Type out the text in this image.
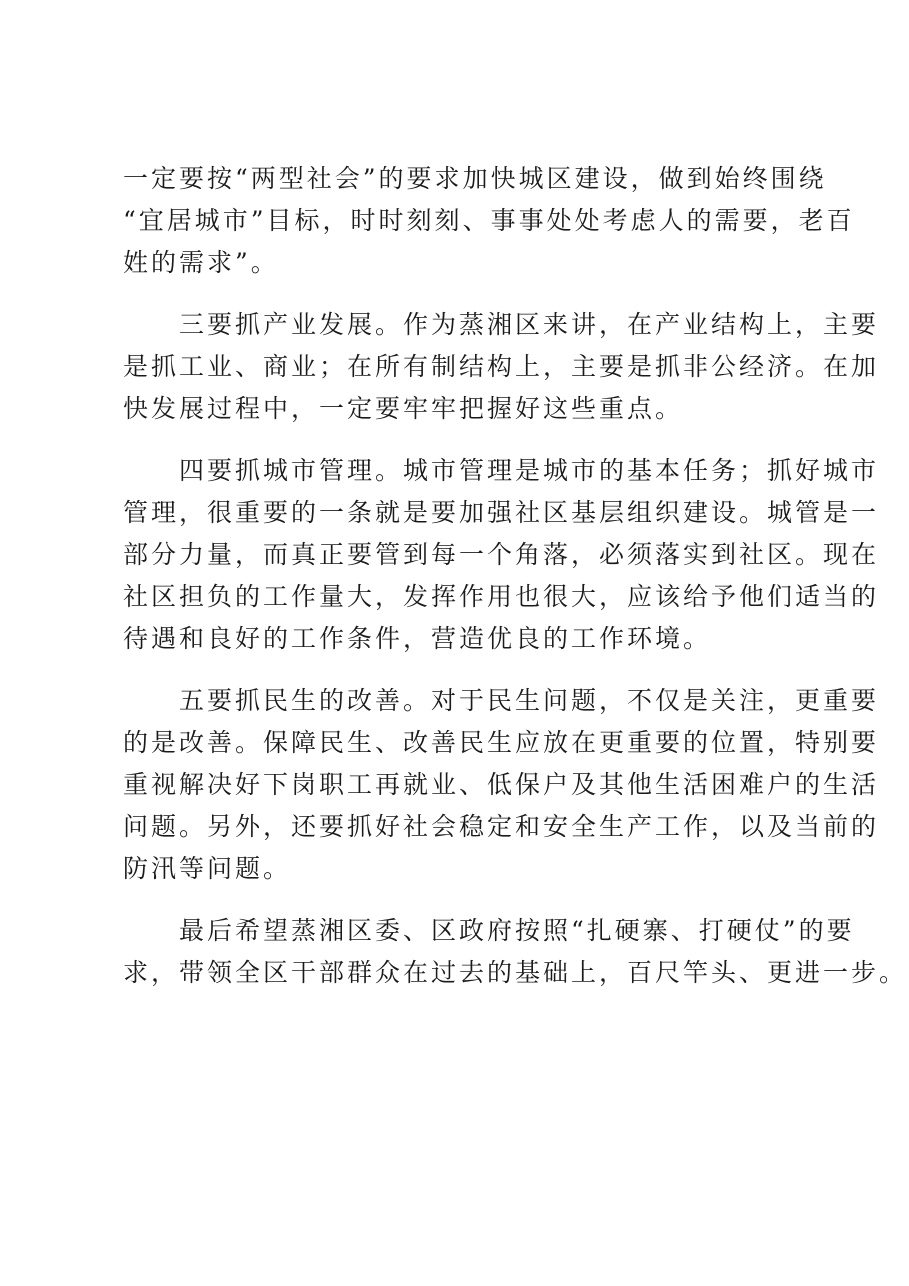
一定要按“两型社会”的要求加快城区建设，做到始终围绕
“宜居城市”目标，时时刻刻、事事处处考虑人的需要，老百
姓的需求”。
三要抓产业发展。作为蒸湘区来讲，在产业结构上，主要
是抓工业、商业；在所有制结构上，主要是抓非公经济。在加
快发展过程中，一定要牢牢把握好这些重点。
四要抓城市管理。城市管理是城市的基本任务；抓好城市
管理，很重要的一条就是要加强社区基层组织建设。城管是一
部分力量，而真正要管到每一个角落，必须落实到社区。现在
社区担负的工作量大，发挥作用也很大，应该给予他们适当的
待遇和良好的工作条件，营造优良的工作环境。
五要抓民生的改善。对于民生问题，不仅是关注，更重要
的是改善。保障民生、改善民生应放在更重要的位置，特别要
重视解决好下岗职工再就业、低保户及其他生活困难户的生活
问题。另外，还要抓好社会稳定和安全生产工作，以及当前的
防汛等问题。
最后希望蒸湘区委、区政府按照“扎硬寨、打硬仗”的要
求，带领全区干部群众在过去的基础上，百尺竿头、更进一步。
